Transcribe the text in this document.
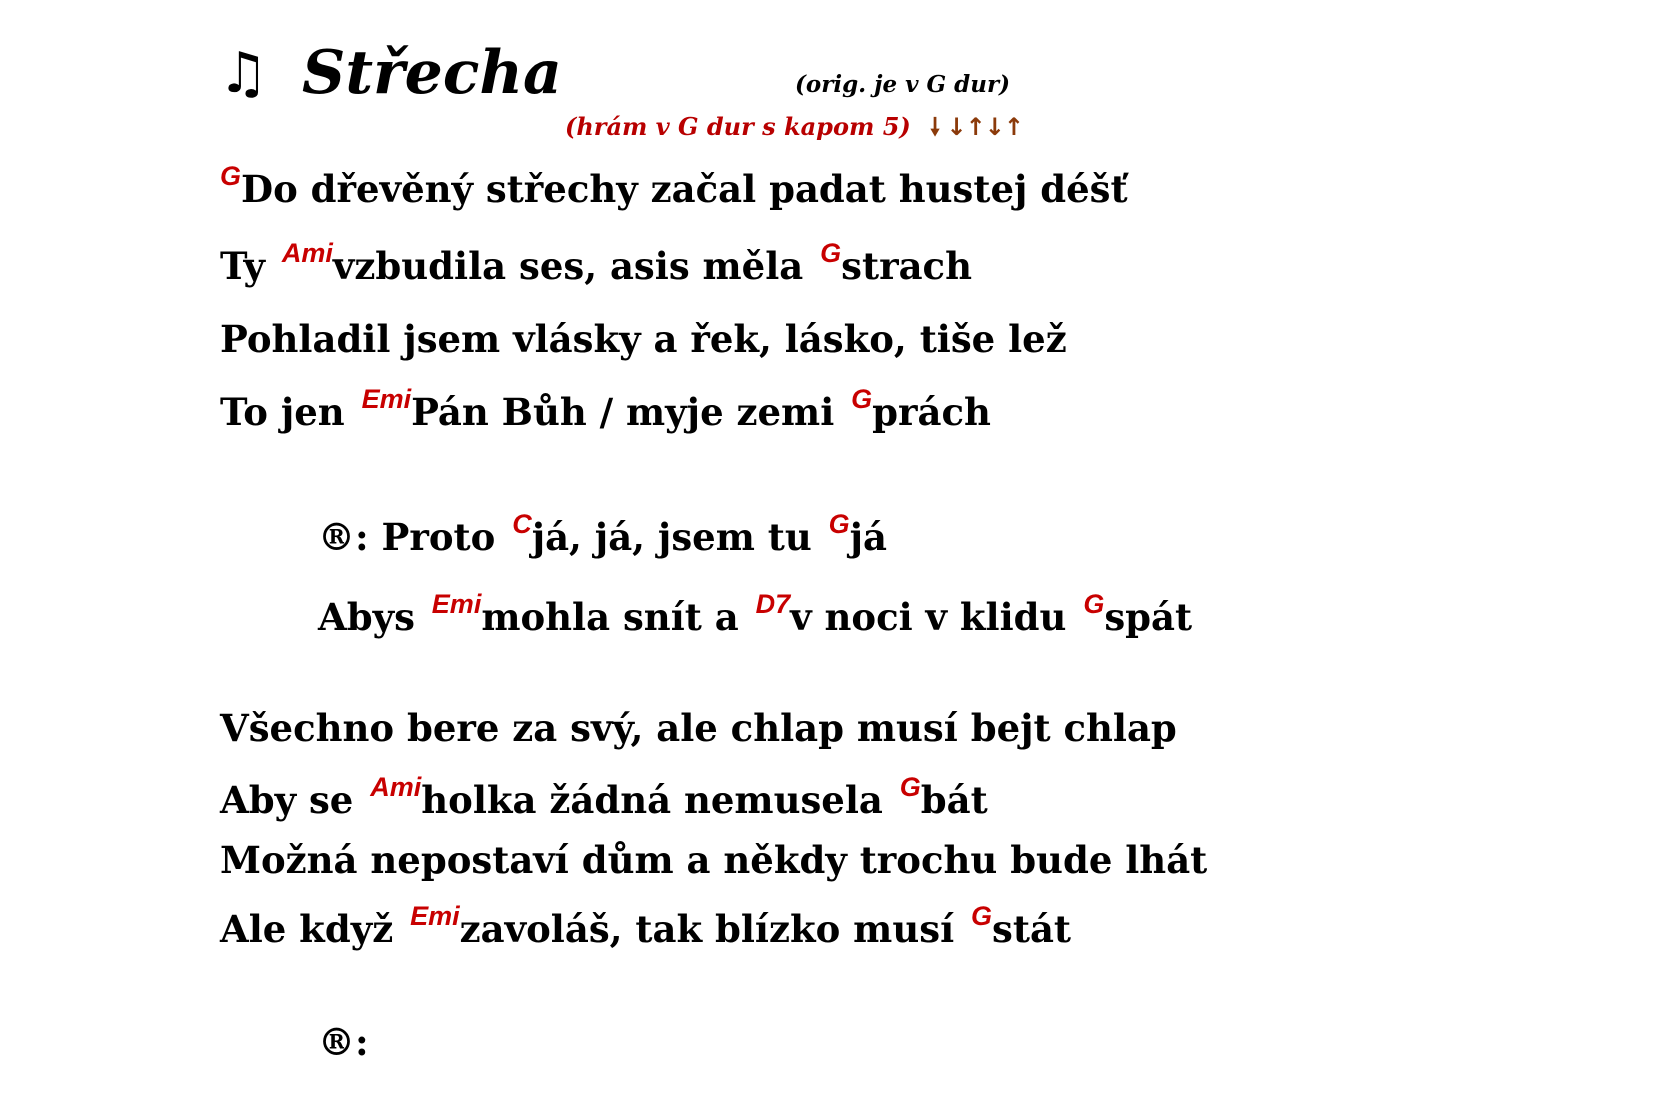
♫ Střecha	(orig. je v G dur)
(hrám v G dur s kapom 5) 🠗 ↓↑↓↑
$^G$Do dřevěný střechy začal padat hustej déšť
Ty $^{Ami}$vzbudila ses, asis měla $^G$strach
Pohladil jsem vlásky a řek, lásko, tiše lež
To jen $^{Emi}$Pán Bůh / myje zemi $^G$prách
®: Proto $^C$já, já, jsem tu $^G$já
Abys $^{Emi}$mohla snít a $^{D7}$v noci v klidu $^G$spát
Všechno bere za svý, ale chlap musí bejt chlap
Aby se $^{Ami}$holka žádná nemusela $^G$bát
Možná nepostaví dům a někdy trochu bude lhát
Ale když $^{Emi}$zavoláš, tak blízko musí $^G$stát
®:
